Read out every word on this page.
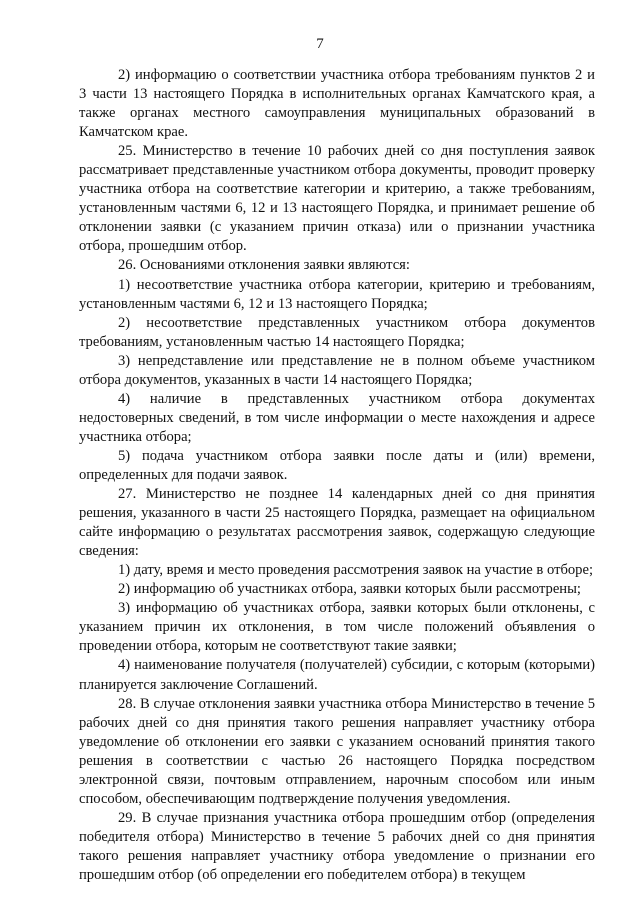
7

2) информацию о соответствии участника отбора требованиям пунктов 2 и 3 части 13 настоящего Порядка в исполнительных органах Камчатского края, а также органах местного самоуправления муниципальных образований в Камчатском крае.

25. Министерство в течение 10 рабочих дней со дня поступления заявок рассматривает представленные участником отбора документы, проводит проверку участника отбора на соответствие категории и критерию, а также требованиям, установленным частями 6, 12 и 13 настоящего Порядка, и принимает решение об отклонении заявки (с указанием причин отказа) или о признании участника отбора, прошедшим отбор.

26. Основаниями отклонения заявки являются:

1) несоответствие участника отбора категории, критерию и требованиям, установленным частями 6, 12 и 13 настоящего Порядка;

2) несоответствие представленных участником отбора документов требованиям, установленным частью 14 настоящего Порядка;

3) непредставление или представление не в полном объеме участником отбора документов, указанных в части 14 настоящего Порядка;

4) наличие в представленных участником отбора документах недостоверных сведений, в том числе информации о месте нахождения и адресе участника отбора;

5) подача участником отбора заявки после даты и (или) времени, определенных для подачи заявок.

27. Министерство не позднее 14 календарных дней со дня принятия решения, указанного в части 25 настоящего Порядка, размещает на официальном сайте информацию о результатах рассмотрения заявок, содержащую следующие сведения:

1) дату, время и место проведения рассмотрения заявок на участие в отборе;

2) информацию об участниках отбора, заявки которых были рассмотрены;

3) информацию об участниках отбора, заявки которых были отклонены, с указанием причин их отклонения, в том числе положений объявления о проведении отбора, которым не соответствуют такие заявки;

4) наименование получателя (получателей) субсидии, с которым (которыми) планируется заключение Соглашений.

28. В случае отклонения заявки участника отбора Министерство в течение 5 рабочих дней со дня принятия такого решения направляет участнику отбора уведомление об отклонении его заявки с указанием оснований принятия такого решения в соответствии с частью 26 настоящего Порядка посредством электронной связи, почтовым отправлением, нарочным способом или иным способом, обеспечивающим подтверждение получения уведомления.

29. В случае признания участника отбора прошедшим отбор (определения победителя отбора) Министерство в течение 5 рабочих дней со дня принятия такого решения направляет участнику отбора уведомление о признании его прошедшим отбор (об определении его победителем отбора) в текущем
